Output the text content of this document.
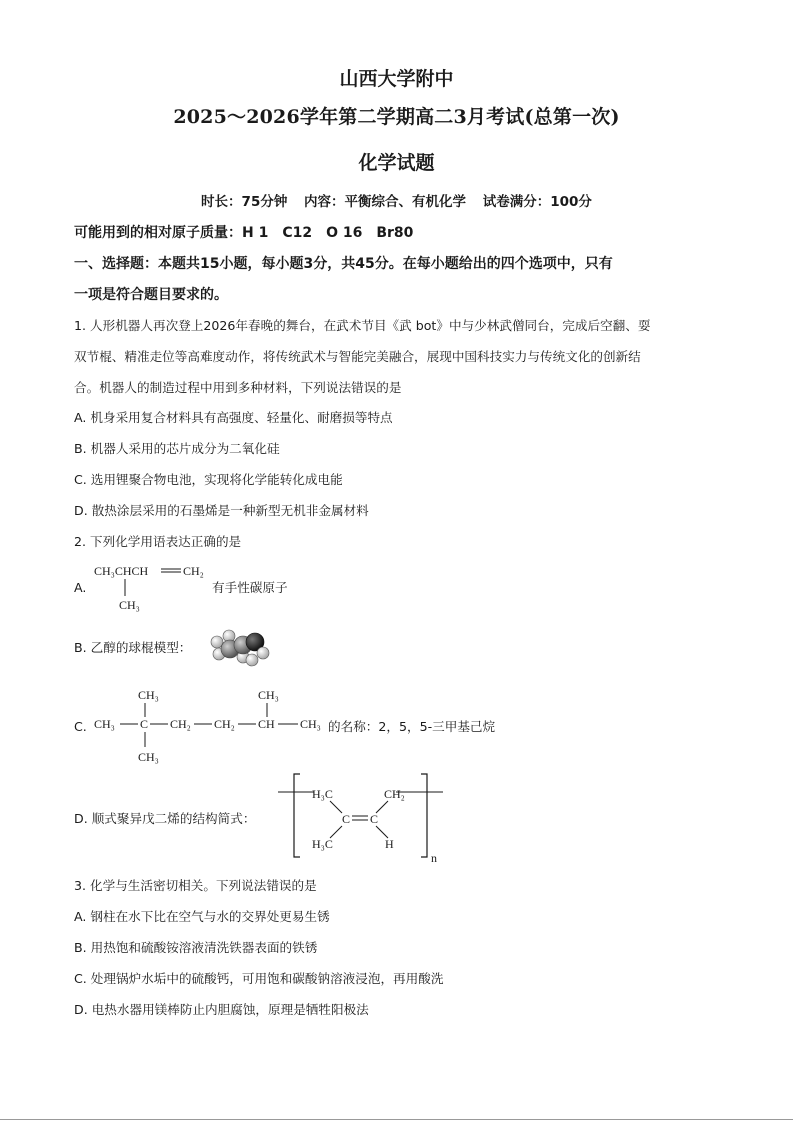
山西大学附中
2025～2026学年第二学期高二3月考试(总第一次)
化学试题
时长：75分钟 内容：平衡综合、有机化学 试卷满分：100分
可能用到的相对原子质量：H 1　C12　O 16　Br80
一、选择题：本题共15小题，每小题3分，共45分。在每小题给出的四个选项中，只有
一项是符合题目要求的。
1. 人形机器人再次登上2026年春晚的舞台，在武术节目《武 bot》中与少林武僧同台，完成后空翻、耍
双节棍、精准走位等高难度动作，将传统武术与智能完美融合，展现中国科技实力与传统文化的创新结
合。机器人的制造过程中用到多种材料，下列说法错误的是
A. 机身采用复合材料具有高强度、轻量化、耐磨损等特点
B. 机器人采用的芯片成分为二氧化硅
C. 选用锂聚合物电池，实现将化学能转化成电能
D. 散热涂层采用的石墨烯是一种新型无机非金属材料
2. 下列化学用语表达正确的是
A.
CH₃CHCH	CH₂
CH₃
有手性碳原子
B. 乙醇的球棍模型：
C.
CH₃	CH₃
CH₃ C CH₂ CH₂ CH CH₃
CH₃
的名称：2，5，5-三甲基己烷
D. 顺式聚异戊二烯的结构简式：
H₃C	CH₂
C C
H₃C	H
n
3. 化学与生活密切相关。下列说法错误的是
A. 钢柱在水下比在空气与水的交界处更易生锈
B. 用热饱和硫酸铵溶液清洗铁器表面的铁锈
C. 处理锅炉水垢中的硫酸钙，可用饱和碳酸钠溶液浸泡，再用酸洗
D. 电热水器用镁棒防止内胆腐蚀，原理是牺牲阳极法
